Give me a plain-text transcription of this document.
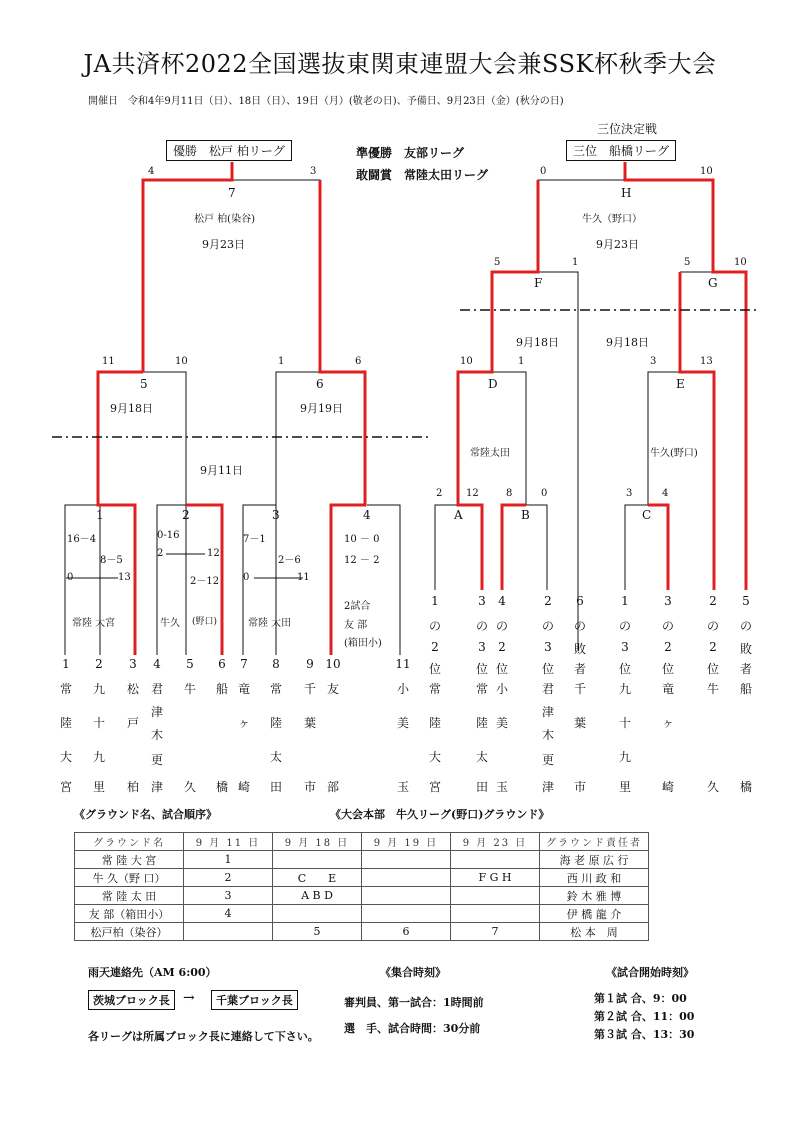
JA共済杯2022全国選抜東関東連盟大会兼SSK杯秋季大会
開催日　令和4年9月11日（日）、18日（日）、19日（月）(敬老の日)、予備日、9月23日（金）(秋分の日)
優勝　松戸 柏リーグ	準優勝　友部リーグ
敢闘賞　常陸太田リーグ
三位決定戦
三位　船橋リーグ
4	3
7
松戸 柏(染谷)
9月23日
11	10
5
9月18日
1	6
6
9月19日
9月11日
1
16－4
8－5
0	13
常陸 大宮
2
0-16
2	12
2－12
牛久 (野口)
3
7－1
2－6
0	11
常陸 太田
4
10 － 0
12 － 2
2試合
友 部
(箱田小)
0	10
H
牛久（野口）
9月23日
5	1
F
5	10
G
9月18日	9月18日
10	1
D
常陸太田
3	13
E
牛久(野口)
2 12
A
8	0
B
3	4
C
1
常
陸
大
宮
2
九
十
九
里
3
松
戸
柏
4
君
津
木
更
津
5
牛
久
6
船
橋
7
竜
ヶ
崎
8
常
陸
太
田
9
千
葉
市
10
友
部
11
小
美
玉
1
の
2
位
常
陸
大
宮
3
の
3
位
常
陸
太
田
4
の
2
位
小
美
玉
2
の
3
位
君
津
木
更
津
6
の
敗
者
千
葉
市
1
の
3
位
九
十
九
里
3
の
2
位
竜
ヶ
崎
2
の
2
位
牛
久
5
の
敗
者
船
橋
《グラウンド名、試合順序》	《大会本部　牛久リーグ(野口)グラウンド》
グラウンド名	9 月 11 日	9 月 18 日	9 月 19 日	9 月 23 日	グラウンド責任者
常 陸 大 宮	1				海 老 原 広 行
牛 久（野 口）	2	C　　E		F G H	西 川 政 和
常 陸 太 田	3	A B D			鈴 木 雅 博
友 部（箱田小）	4				伊 橋 龍 介
松戸柏（染谷）		5	6	7	松 本　周
雨天連絡先（AM 6:00）
茨城ブロック長 →	千葉ブロック長
各リーグは所属ブロック長に連絡して下さい。
《集合時刻》
審判員、第一試合：1時間前
選　手、試合時間：30分前
《試合開始時刻》
第１試 合、9：00
第２試 合、11：00
第３試 合、13：30
